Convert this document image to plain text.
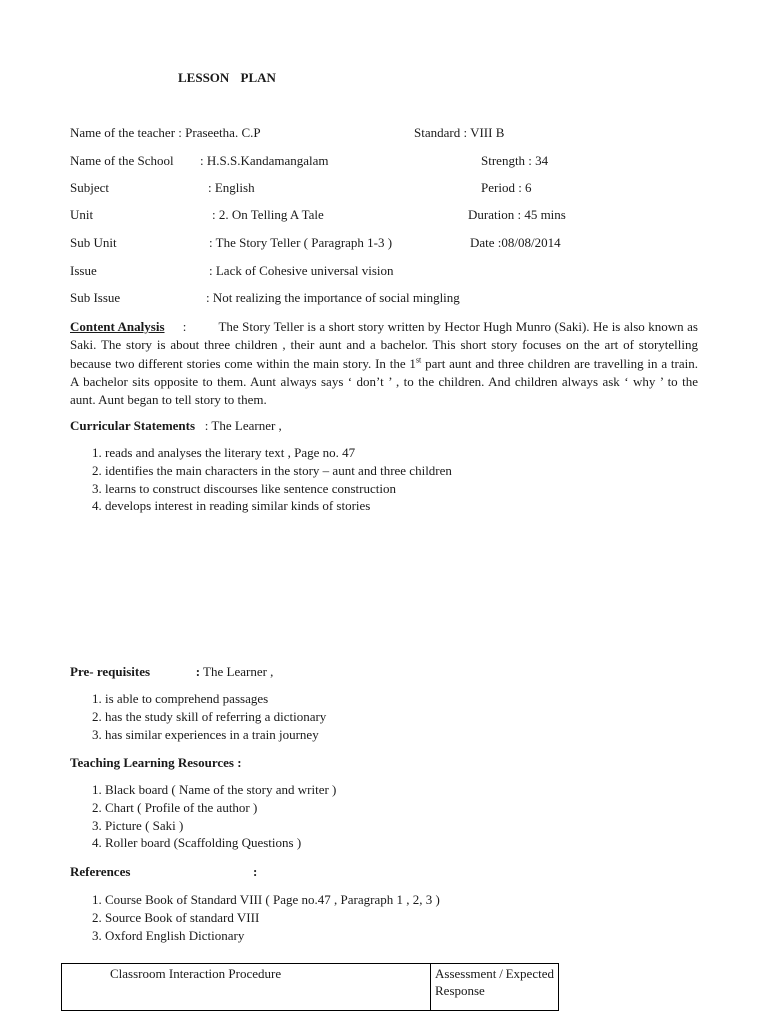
LESSON PLAN
Name of the teacher : Praseetha. C.P	Standard : VIII B
Name of the School : H.S.S.Kandamangalam	Strength : 34
Subject	: English	Period : 6
Unit	: 2. On Telling A Tale	Duration : 45 mins
Sub Unit	: The Story Teller ( Paragraph 1-3 )	Date :08/08/2014
Issue	: Lack of Cohesive universal vision
Sub Issue	: Not realizing the importance of social mingling
Content Analysis : The Story Teller is a short story written by Hector Hugh Munro (Saki). He is also known as Saki. The story is about three children , their aunt and a bachelor. This short story focuses on the art of storytelling because two different stories come within the main story. In the 1st part aunt and three children are travelling in a train. A bachelor sits opposite to them. Aunt always says ‘ don’t ’ , to the children. And children always ask ‘ why ’ to the aunt. Aunt began to tell story to them.
Curricular Statements : The Learner ,
1. reads and analyses the literary text , Page no. 47
2. identifies the main characters in the story – aunt and three children
3. learns to construct discourses like sentence construction
4. develops interest in reading similar kinds of stories
Pre- requisites	: The Learner ,
1. is able to comprehend passages
2. has the study skill of referring a dictionary
3. has similar experiences in a train journey
Teaching Learning Resources :
1. Black board ( Name of the story and writer )
2. Chart ( Profile of the author )
3. Picture ( Saki )
4. Roller board (Scaffolding Questions )
References	:
1. Course Book of Standard VIII ( Page no.47 , Paragraph 1 , 2, 3 )
2. Source Book of standard VIII
3. Oxford English Dictionary
Classroom Interaction Procedure	Assessment / Expected
Response
